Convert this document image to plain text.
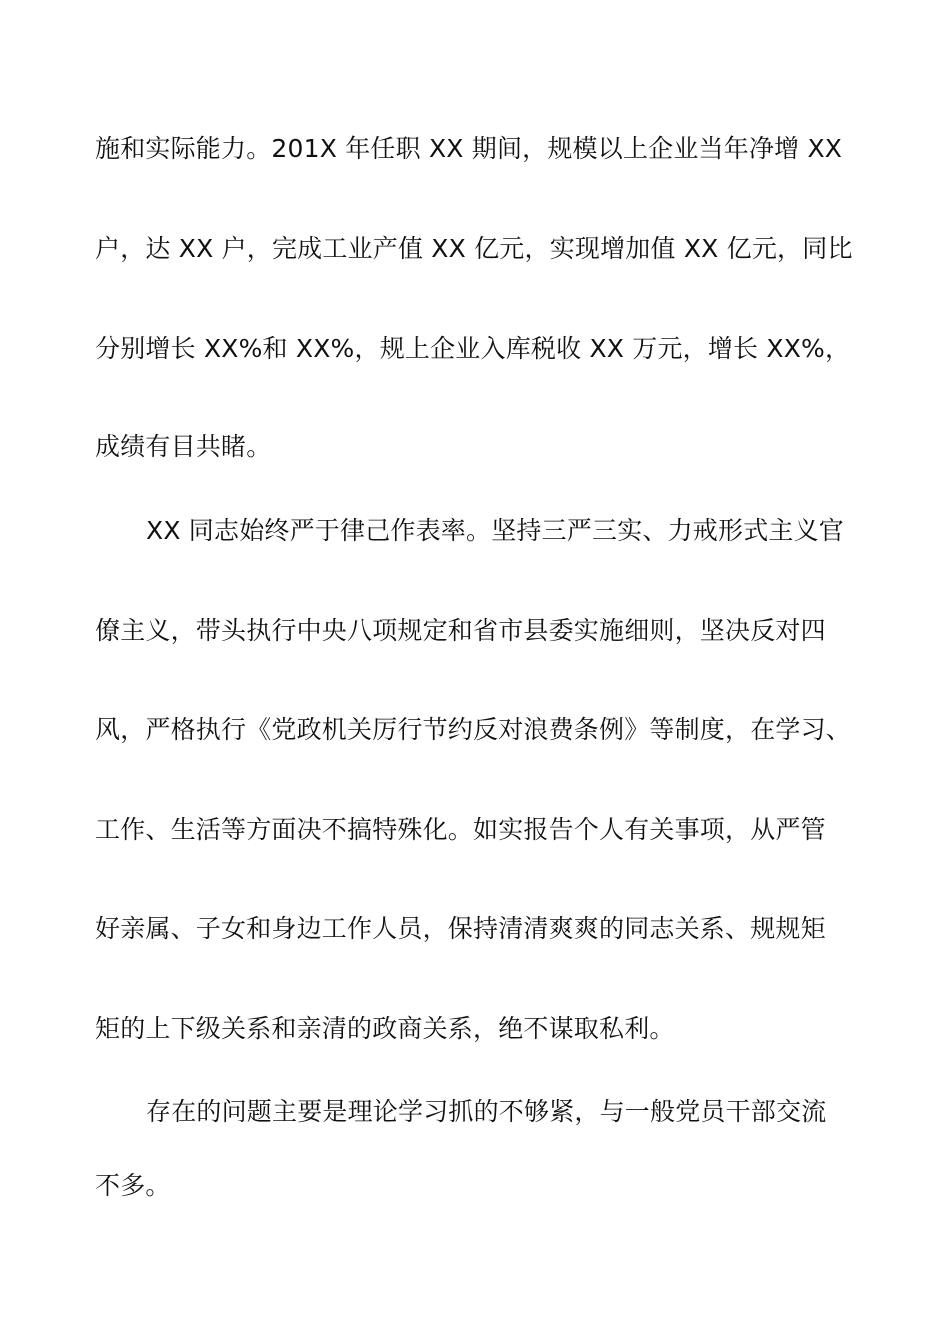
施和实际能力。201X 年任职 XX 期间，规模以上企业当年净增 XX
户，达 XX 户，完成工业产值 XX 亿元，实现增加值 XX 亿元，同比
分别增长 XX%和 XX%，规上企业入库税收 XX 万元，增长 XX%，
成绩有目共睹。
XX 同志始终严于律己作表率。坚持三严三实、力戒形式主义官
僚主义，带头执行中央八项规定和省市县委实施细则，坚决反对四
风，严格执行《党政机关厉行节约反对浪费条例》等制度，在学习、
工作、生活等方面决不搞特殊化。如实报告个人有关事项，从严管
好亲属、子女和身边工作人员，保持清清爽爽的同志关系、规规矩
矩的上下级关系和亲清的政商关系，绝不谋取私利。
存在的问题主要是理论学习抓的不够紧，与一般党员干部交流
不多。
